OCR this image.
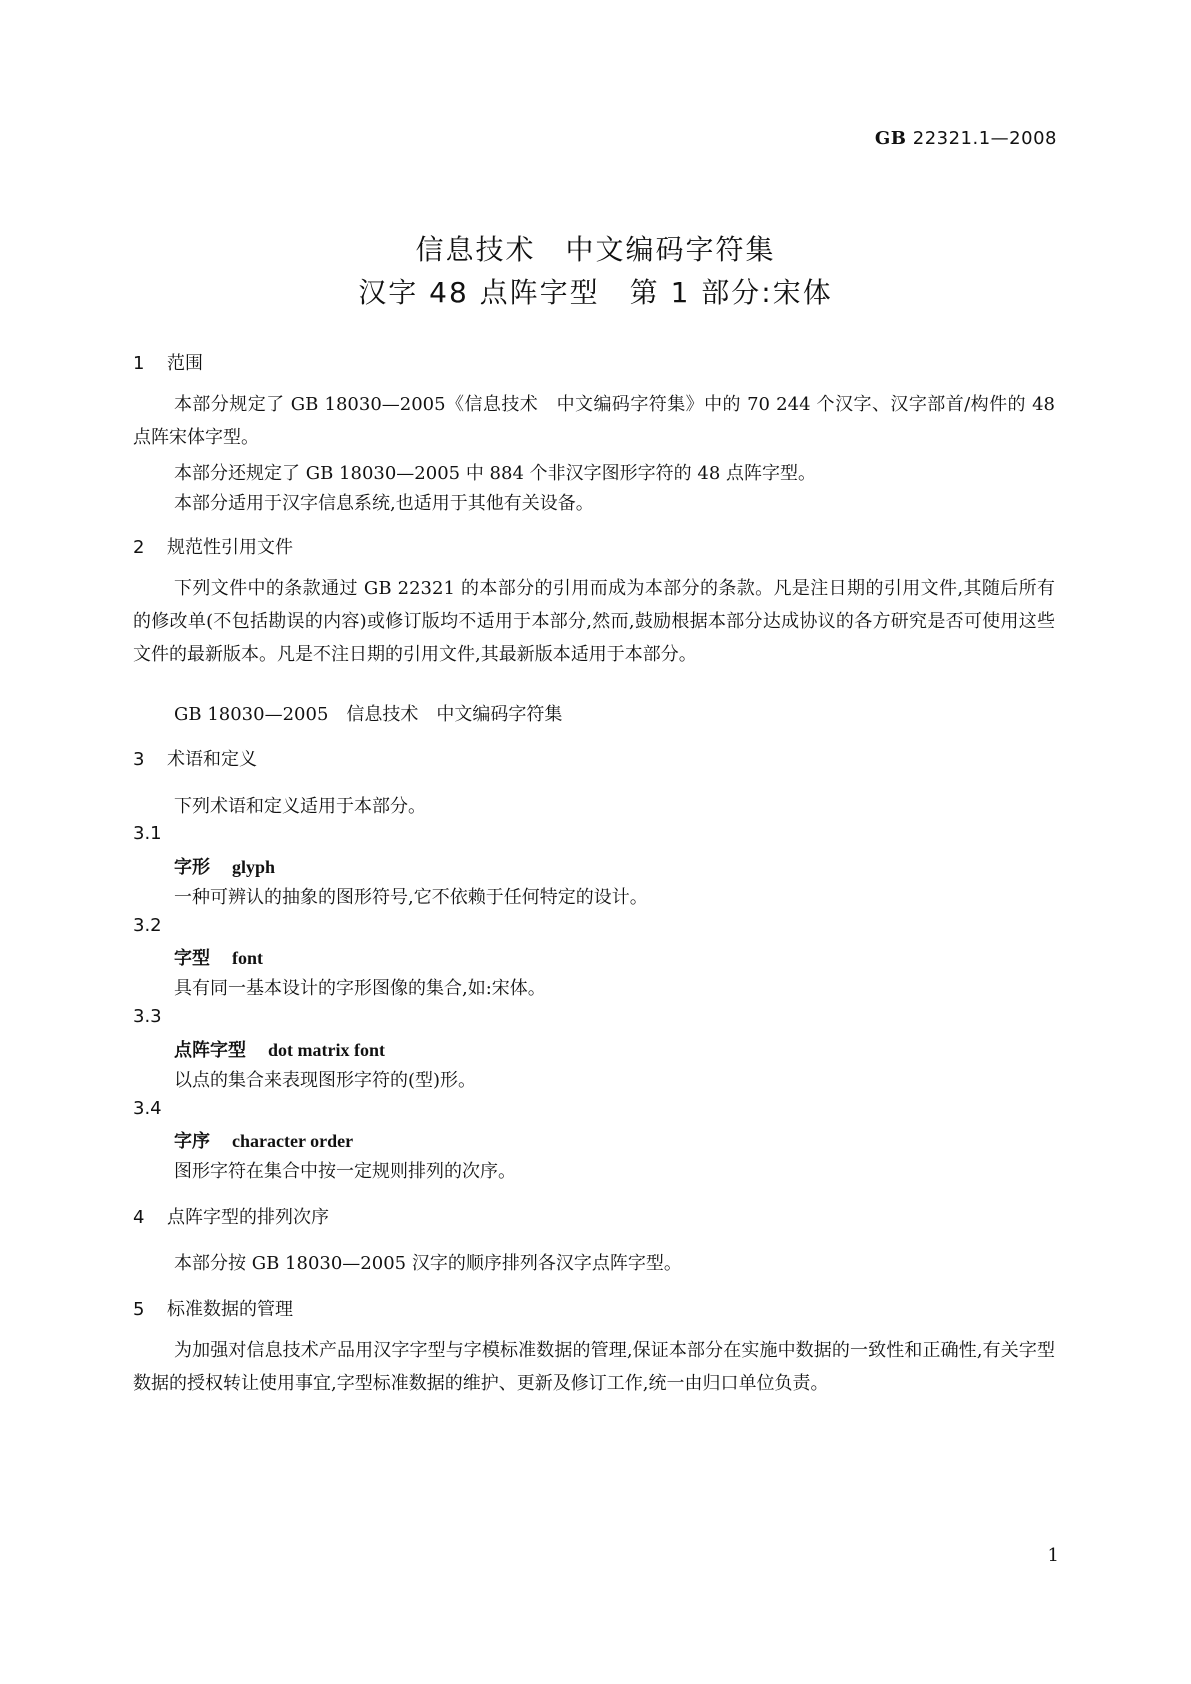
GB 22321.1—2008
信息技术　中文编码字符集
汉字 48 点阵字型　第 1 部分:宋体
1 范围

本部分规定了 GB 18030—2005《信息技术　中文编码字符集》中的 70 244 个汉字、汉字部首/构件的 48 点阵宋体字型。

本部分还规定了 GB 18030—2005 中 884 个非汉字图形字符的 48 点阵字型。
本部分适用于汉字信息系统,也适用于其他有关设备。
2 规范性引用文件

下列文件中的条款通过 GB 22321 的本部分的引用而成为本部分的条款。凡是注日期的引用文件,其随后所有的修改单(不包括勘误的内容)或修订版均不适用于本部分,然而,鼓励根据本部分达成协议的各方研究是否可使用这些文件的最新版本。凡是不注日期的引用文件,其最新版本适用于本部分。

GB 18030—2005　信息技术　中文编码字符集
3 术语和定义
下列术语和定义适用于本部分。
3.1
字形 glyph
一种可辨认的抽象的图形符号,它不依赖于任何特定的设计。
3.2
字型 font
具有同一基本设计的字形图像的集合,如:宋体。
3.3
点阵字型 dot matrix font
以点的集合来表现图形字符的(型)形。
3.4
字序 character order
图形字符在集合中按一定规则排列的次序。
4 点阵字型的排列次序
本部分按 GB 18030—2005 汉字的顺序排列各汉字点阵字型。
5 标准数据的管理

为加强对信息技术产品用汉字字型与字模标准数据的管理,保证本部分在实施中数据的一致性和正确性,有关字型数据的授权转让使用事宜,字型标准数据的维护、更新及修订工作,统一由归口单位负责。

1
